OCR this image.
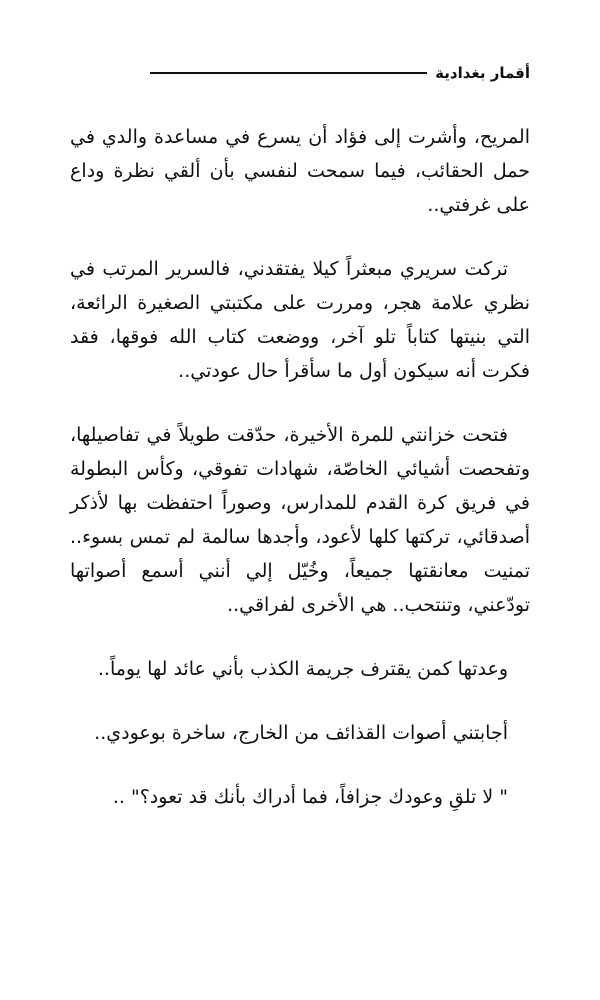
أقمار بغدادية

المريح، وأشرت إلى فؤاد أن يسرع في مساعدة والدي في حمل الحقائب، فيما سمحت لنفسي بأن ألقي نظرة وداع على غرفتي..

تركت سريري مبعثراً كيلا يفتقدني، فالسرير المرتب في نظري علامة هجر، ومررت على مكتبتي الصغيرة الرائعة، التي بنيتها كتاباً تلو آخر، ووضعت كتاب الله فوقها، فقد فكرت أنه سيكون أول ما سأقرأ حال عودتي..

فتحت خزانتي للمرة الأخيرة، حدّقت طويلاً في تفاصيلها، وتفحصت أشيائي الخاصّة، شهادات تفوقي، وكأس البطولة في فريق كرة القدم للمدارس، وصوراً احتفظت بها لأذكر أصدقائي، تركتها كلها لأعود، وأجدها سالمة لم تمس بسوء.. تمنيت معانقتها جميعاً، وخُيّل إلي أنني أسمع أصواتها تودّعني، وتنتحب.. هي الأخرى لفراقي..

وعدتها كمن يقترف جريمة الكذب بأني عائد لها يوماً..

أجابتني أصوات القذائف من الخارج، ساخرة بوعودي..

" لا تلقِ وعودك جزافاً، فما أدراك بأنك قد تعود؟" ..
